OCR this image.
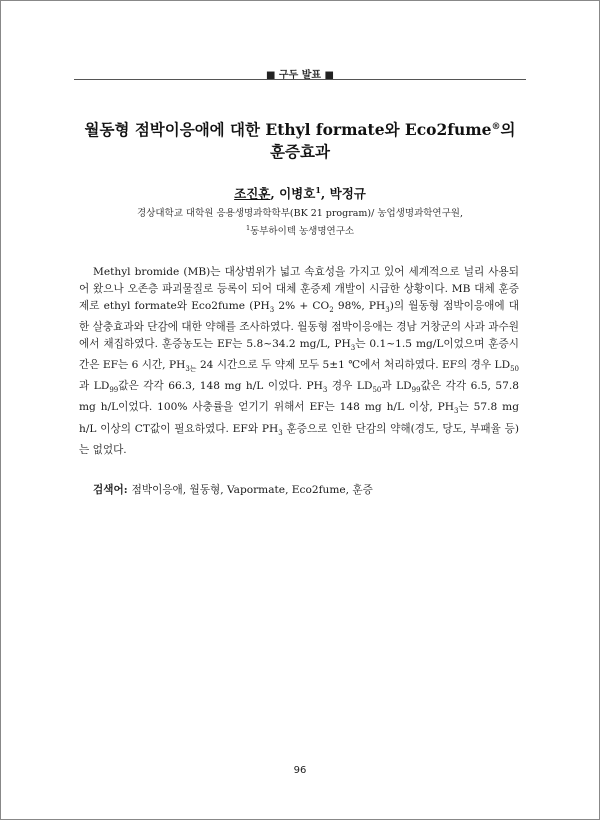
■ 구두 발표 ■
월동형 점박이응애에 대한 Ethyl formate와 Eco2fume®의
훈증효과
조진훈, 이병호$^1$, 박정규
경상대학교 대학원 응용생명과학학부(BK 21 program)/ 농업생명과학연구원,
$^1$동부하이텍 농생명연구소

Methyl bromide (MB)는 대상범위가 넓고 속효성을 가지고 있어 세계적으로 널리 사용되어 왔으나 오존층 파괴물질로 등록이 되어 대체 훈증제 개발이 시급한 상황이다. MB 대체 훈증제로 ethyl formate와 Eco2fume ($PH_3$ $2\% + CO_2$ 98%, $PH_3$)의 월동형 점박이응애에 대한 살충효과와 단감에 대한 약해를 조사하였다. 월동형 점박이응애는 경남 거창군의 사과 과수원에서 채집하였다. 훈증농도는 EF는 5.8~34.2 mg/L, $PH_3$는 0.1~1.5 mg/L이었으며 훈증시간은 EF는 6 시간, $PH_{3는}$ 24 시간으로 두 약제 모두 5±1 ℃에서 처리하였다. EF의 경우 $LD_{50}$과 $LD_{99}$값은 각각 66.3, 148 mg h/L 이었다. $PH_3$ 경우 $LD_{50}$과 $LD_{99}$값은 각각 6.5, 57.8 mg h/L이었다. 100% 사충률을 얻기기 위해서 EF는 148 mg h/L 이상, $PH_3$는 57.8 mg h/L 이상의 CT값이 필요하였다. EF와 $PH_3$ 훈증으로 인한 단감의 약해(경도, 당도, 부패율 등)는 없었다.

검색어: 점박이응애, 월동형, Vapormate, Eco2fume, 훈증
96
